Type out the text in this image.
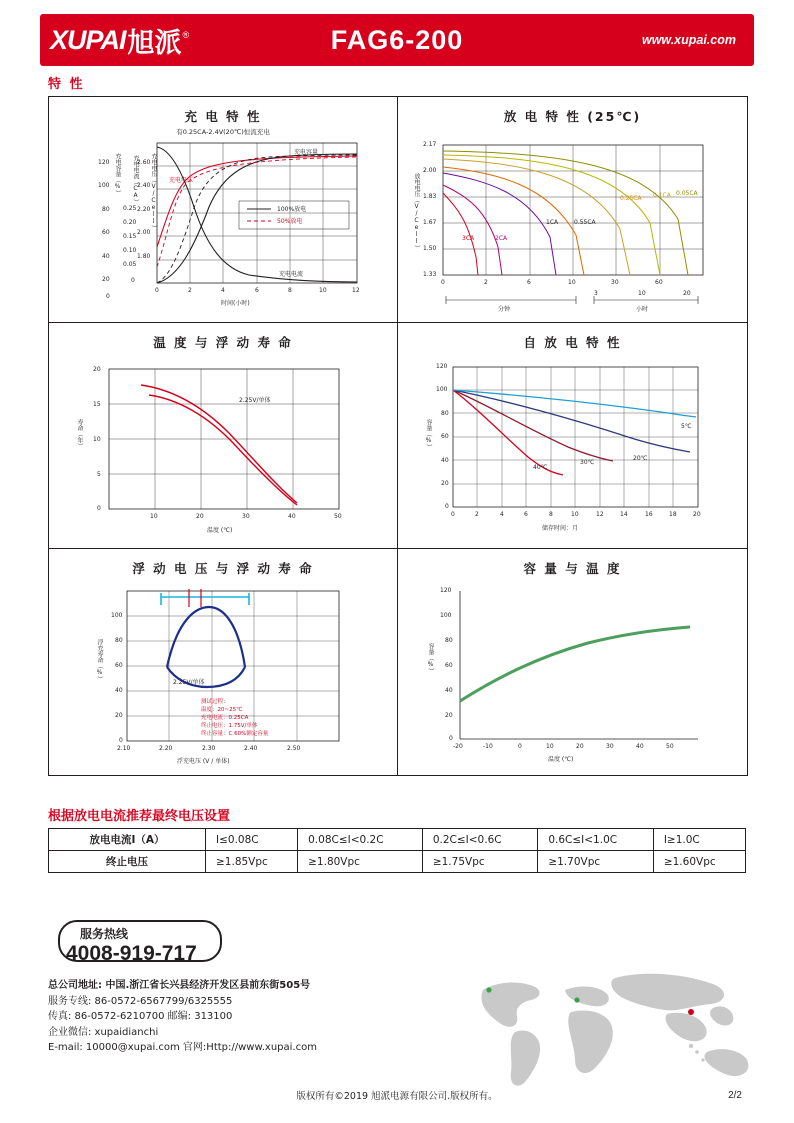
XUPAI 旭派 ®	FAG6-200	www.xupai.com
特 性
充 电 特 性
有0.25CA-2.4V(20℃)恒流充电
充电容量（%） 充电电流（CA） 充电电压（V/Cell）
120
100
80
60
40
20
0
0.25
0.20
0.15
0.10
0.05
0
2.60
2.40
2.20
2.00
1.80
0	2	4	6	8	10	12
时间(小时)
充电电压
充电容量
充电电流
100%放电
50%放电
放 电 特 性 (25℃)
放电电压（V/Cell）
2.17
2.00
1.83
1.67
1.50
1.33
0	2	6	10	30	60
3	10	20
分钟	小时
3CA	2CA
1CA	0.55CA
0.25CA 0.1CA 0.05CA
温 度 与 浮 动 寿 命
寿命（年）
20
15
10
5
0
10	20	30	40	50
温度 (℃)
2.25V/单体
自 放 电 特 性
容量（%）
120
100
80
60
40
20
0
0	2	4	6	8	10	12	14	16	18	20
储存时间：月
40℃
30℃
20℃
5℃
浮 动 电 压 与 浮 动 寿 命
浮充寿命（%）
100
80
60
40
20
0
2.10	2.20	2.30	2.40	2.50
浮充电压 (V / 单体)
2.25V/单体
测试过程：
温度：20~25℃
充电电流：0.25CA
终止电压：1.75V/单体
终止容量：C 60%额定容量
容 量 与 温 度
容量（%）
120
100
80
60
40
20
0
-20	-10	0	10	20	30	40	50
温度 (℃)
根据放电电流推荐最终电压设置
放电电流I（A）	I≤0.08C	0.08C≤I<0.2C	0.2C≤I<0.6C	0.6C≤I<1.0C	I≥1.0C
终止电压	≥1.85Vpc	≥1.80Vpc	≥1.75Vpc	≥1.70Vpc	≥1.60Vpc
服务热线
4008-919-717
总公司地址: 中国.浙江省长兴县经济开发区县前东街505号
服务专线: 86-0572-6567799/6325555
传真: 86-0572-6210700 邮编: 313100
企业微信: xupaidianchi
E-mail: 10000@xupai.com 官网:Http://www.xupai.com
版权所有©2019 旭派电源有限公司.版权所有。	2/2
